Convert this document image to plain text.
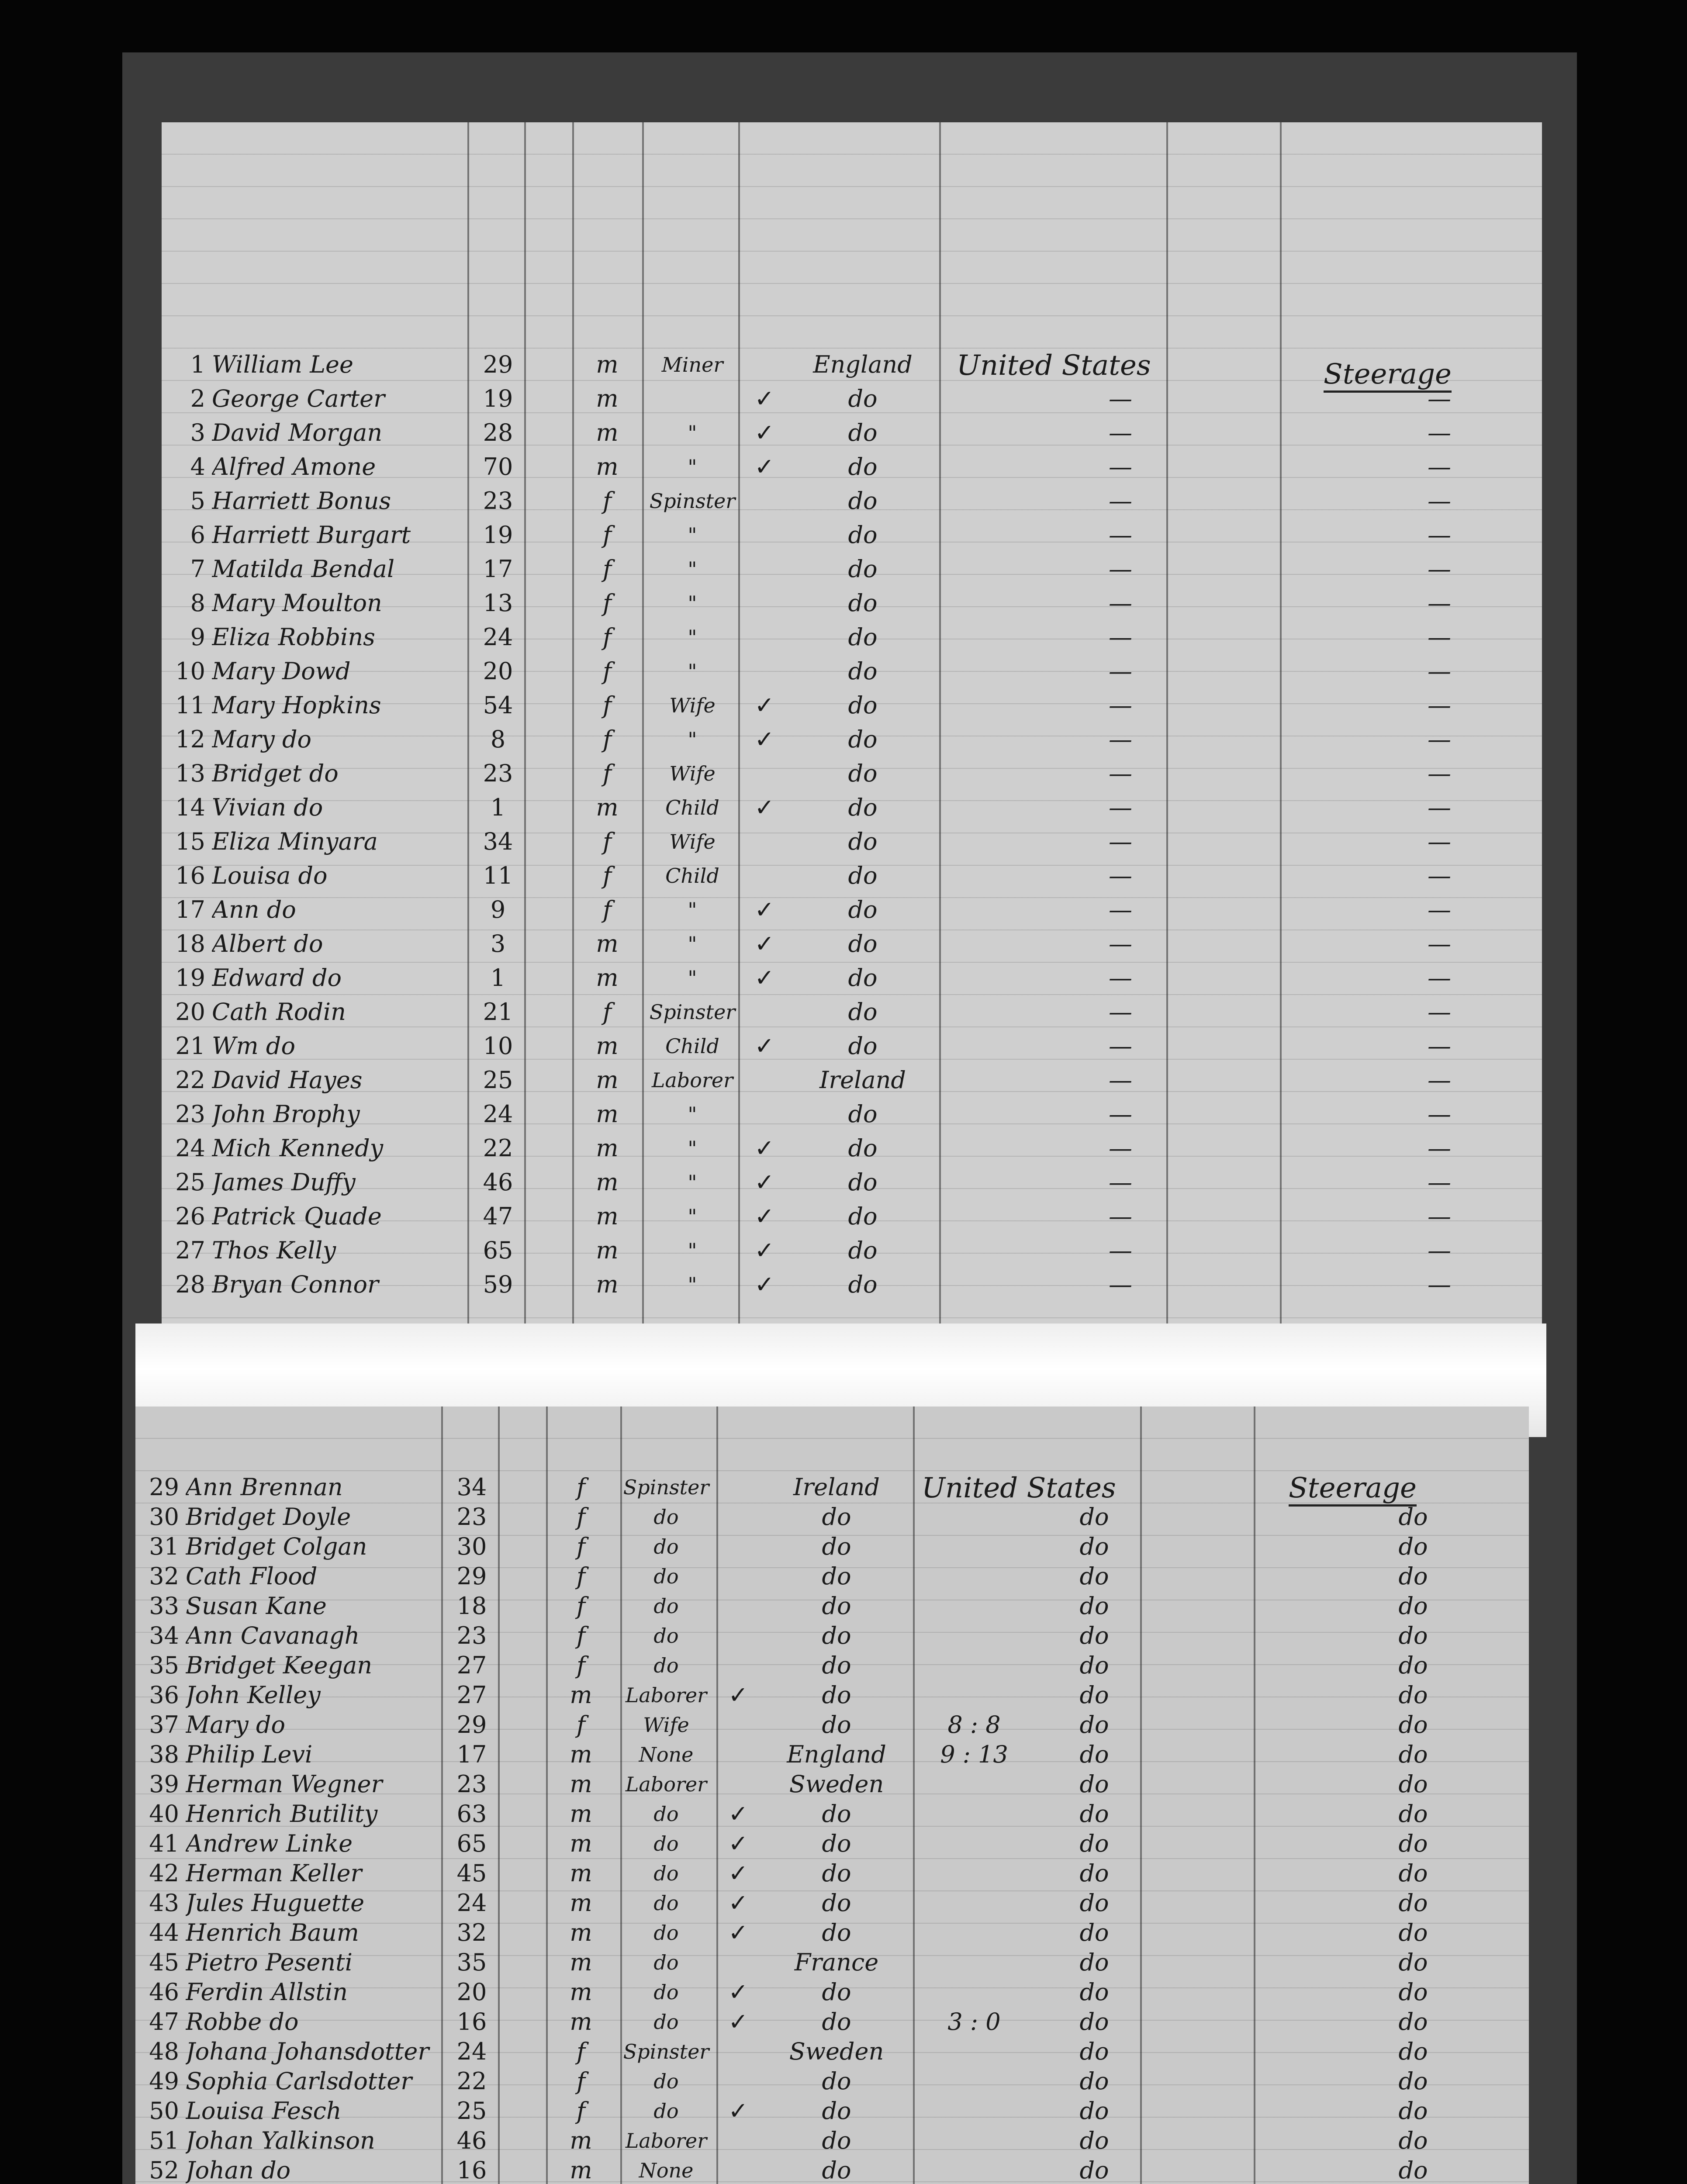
United States	Steerage
1 William Lee	29	m	Miner	England
2 George Carter	19	m	✓	do	—	—
3 David Morgan	28	m	"	✓	do	—	—
4 Alfred Amone	70	m	"	✓	do	—	—
5 Harriett Bonus	23	f	Spinster	do	—	—
6 Harriett Burgart	19	f	"	do	—	—
7 Matilda Bendal	17	f	"	do	—	—
8 Mary Moulton	13	f	"	do	—	—
9 Eliza Robbins	24	f	"	do	—	—
10 Mary Dowd	20	f	"	do	—	—
11 Mary Hopkins	54	f	Wife	✓	do	—	—
12 Mary do	8	f	"	✓	do	—	—
13 Bridget do	23	f	Wife	do	—	—
14 Vivian do	1	m	Child	✓	do	—	—
15 Eliza Minyara	34	f	Wife	do	—	—
16 Louisa do	11	f	Child	do	—	—
17 Ann do	9	f	"	✓	do	—	—
18 Albert do	3	m	"	✓	do	—	—
19 Edward do	1	m	"	✓	do	—	—
20 Cath Rodin	21	f	Spinster	do	—	—
21 Wm do	10	m	Child	✓	do	—	—
22 David Hayes	25	m	Laborer	Ireland	—	—
23 John Brophy	24	m	"	do	—	—
24 Mich Kennedy	22	m	"	✓	do	—	—
25 James Duffy	46	m	"	✓	do	—	—
26 Patrick Quade	47	m	"	✓	do	—	—
27 Thos Kelly	65	m	"	✓	do	—	—
28 Bryan Connor	59	m	"	✓	do	—	—
United States	Steerage
29 Ann Brennan	34	f	Spinster	Ireland
30 Bridget Doyle	23	f	do	do	do	do
31 Bridget Colgan	30	f	do	do	do	do
32 Cath Flood	29	f	do	do	do	do
33 Susan Kane	18	f	do	do	do	do
34 Ann Cavanagh	23	f	do	do	do	do
35 Bridget Keegan	27	f	do	do	do	do
36 John Kelley	27	m	Laborer ✓	do	do	do
37 Mary do	29	f	Wife	do	8 : 8	do	do
38 Philip Levi	17	m	None	England	9 : 13	do	do
39 Herman Wegner	23	m	Laborer	Sweden	do	do
40 Henrich Butility	63	m	do	✓	do	do	do
41 Andrew Linke	65	m	do	✓	do	do	do
42 Herman Keller	45	m	do	✓	do	do	do
43 Jules Huguette	24	m	do	✓	do	do	do
44 Henrich Baum	32	m	do	✓	do	do	do
45 Pietro Pesenti	35	m	do	France	do	do
46 Ferdin Allstin	20	m	do	✓	do	do	do
47 Robbe do	16	m	do	✓	do	3 : 0	do	do
48 Johana Johansdotter	24	f	Spinster	Sweden	do	do
49 Sophia Carlsdotter	22	f	do	do	do	do
50 Louisa Fesch	25	f	do	✓	do	do	do
51 Johan Yalkinson	46	m	Laborer	do	do	do
52 Johan do	16	m	None	do	do	do
